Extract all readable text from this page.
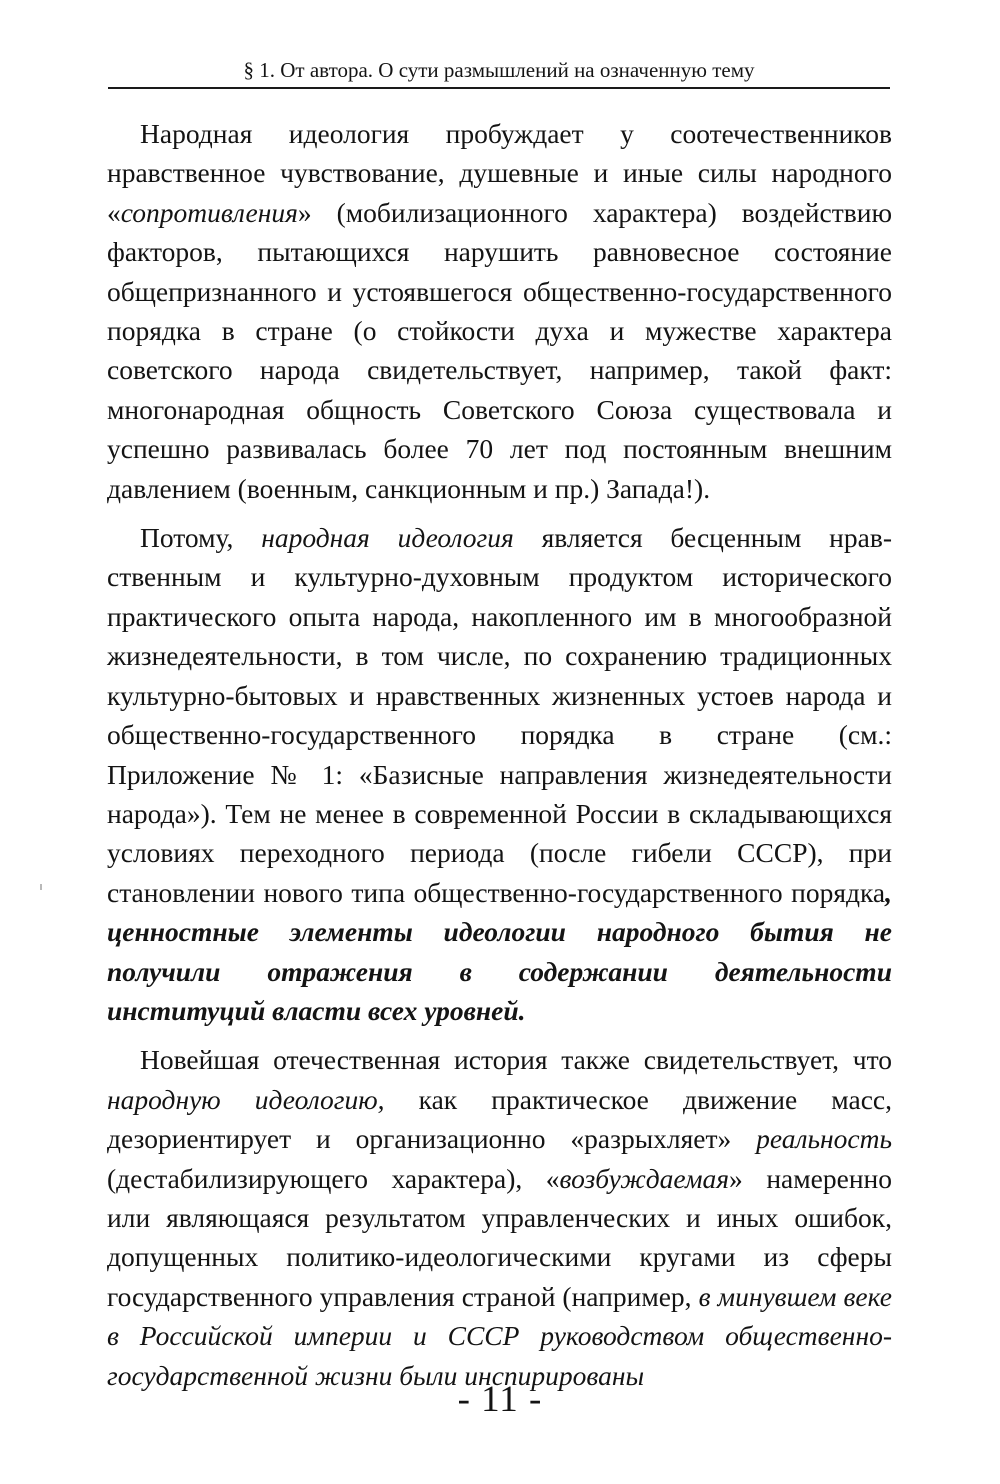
§ 1. От автора. О сути размышлений на означенную тему

Народная идеология пробуждает у соотечественников нравственное чувствование, душевные и иные силы народного «сопротивления» (мобилизационного характера) воздействию факторов, пытающихся нарушить равновесное состояние общепризнанного и устоявшегося общественно-государственного порядка в стране (о стойкости духа и мужестве характера советского народа свидетельствует, например, такой факт: многонародная общность Советского Союза существовала и успешно развивалась более 70 лет под постоянным внешним давлением (военным, санкционным и пр.) Запада!).

Потому, народная идеология является бесценным нравственным и культурно-духовным продуктом исторического практического опыта народа, накопленного им в многообразной жизнедеятельности, в том числе, по сохранению традиционных культурно-бытовых и нравственных жизненных устоев народа и общественно-государственного порядка в стране (см.: Приложение № 1: «Базисные направления жизнедеятельности народа»). Тем не менее в современной России в складывающихся условиях переходного периода (после гибели СССР), при становлении нового типа общественно-государственного порядка, ценностные элементы идеологии народного бытия не получили отражения в содержании деятельности институций власти всех уровней.

Новейшая отечественная история также свидетельствует, что народную идеологию, как практическое движение масс, дезориентирует и организационно «разрыхляет» реальность (дестабилизирующего характера), «возбуждаемая» намеренно или являющаяся результатом управленческих и иных ошибок, допущенных политико-идеологическими кругами из сферы государственного управления страной (например, в минувшем веке в Российской империи и СССР руководством общественно-государственной жизни были инспирированы

- 11 -
